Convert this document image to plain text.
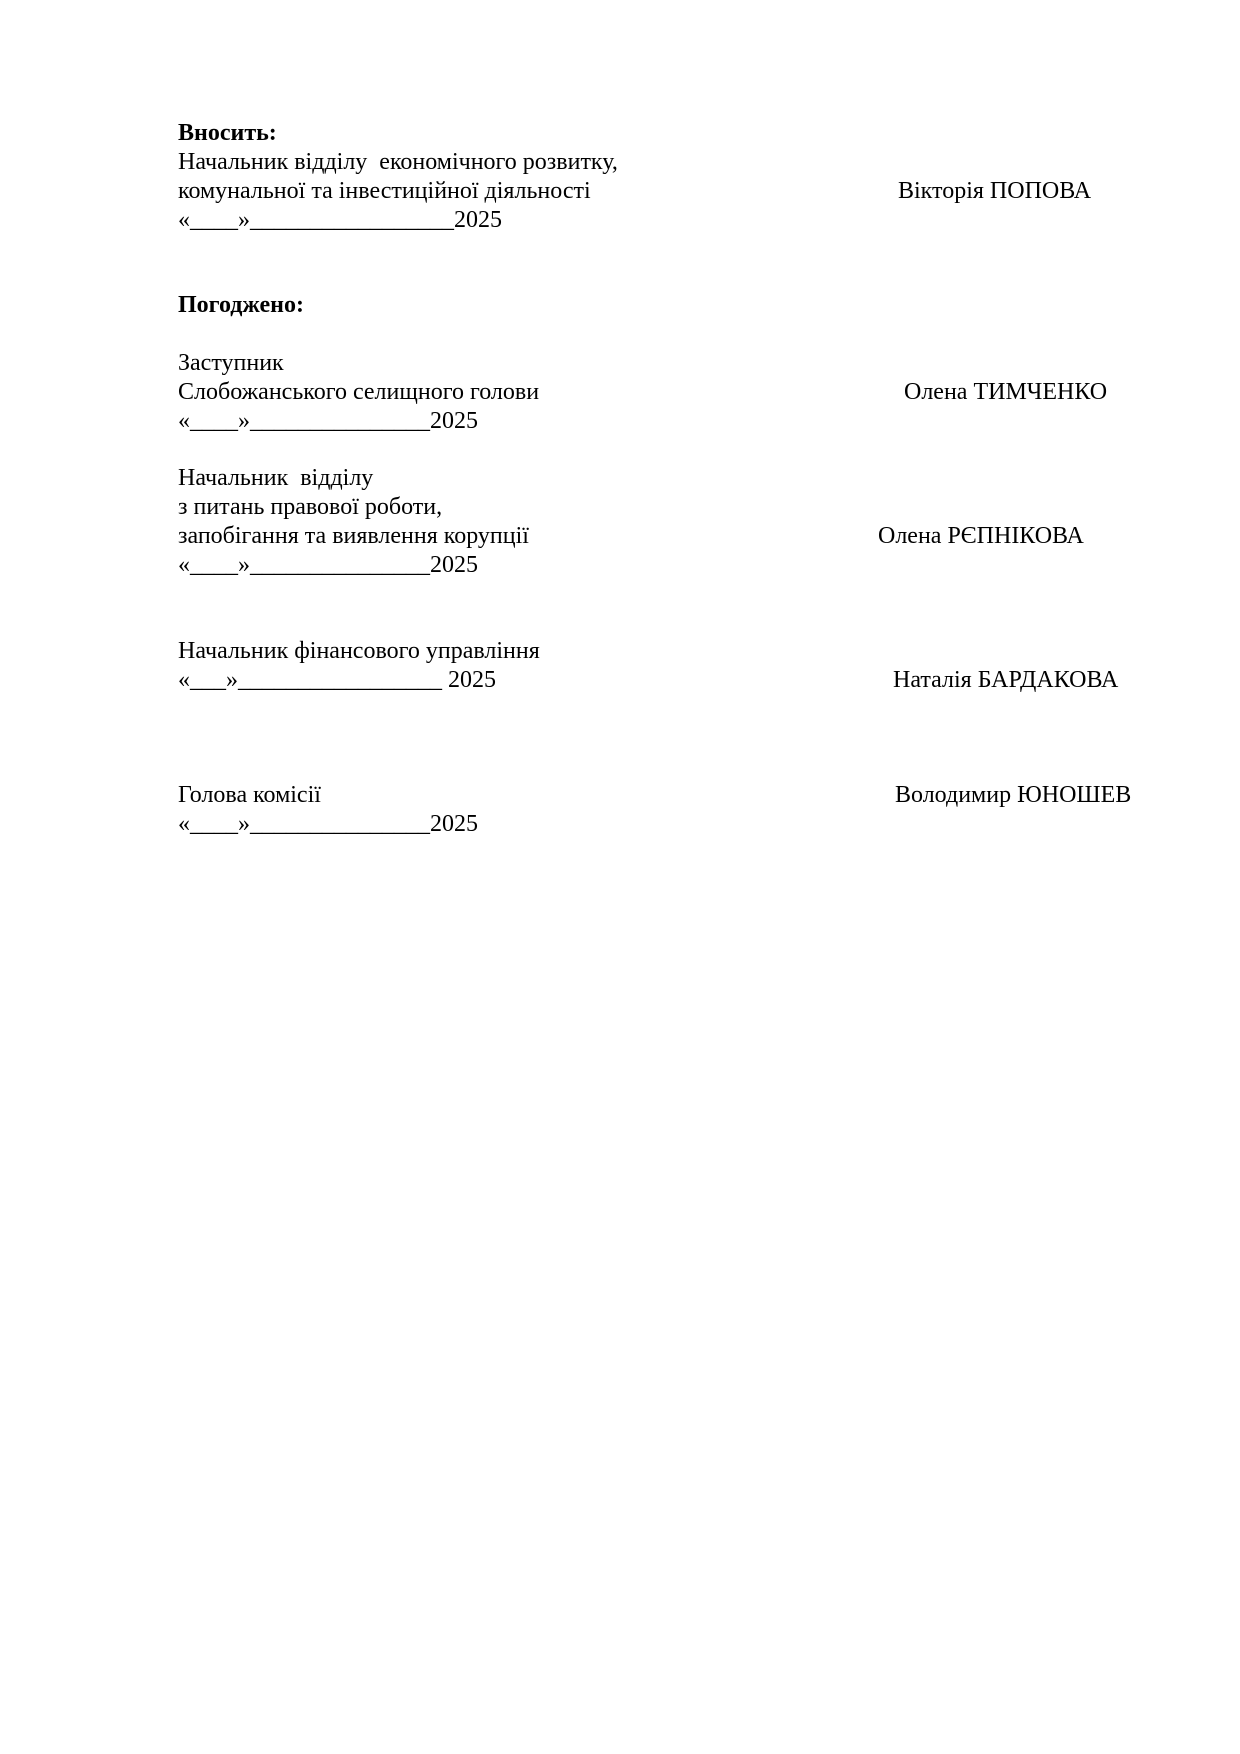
Вносить:
Начальник відділу  економічного розвитку,
комунальної та інвестиційної діяльності	Вікторія ПОПОВА
«____»_________________2025
Погоджено:
Заступник
Слобожанського селищного голови	Олена ТИМЧЕНКО
«____»_______________2025
Начальник  відділу
з питань правової роботи,
запобігання та виявлення корупції	Олена РЄПНІКОВА
«____»_______________2025
Начальник фінансового управління
«___»_________________ 2025	Наталія БАРДАКОВА
Голова комісії	Володимир ЮНОШЕВ
«____»_______________2025
